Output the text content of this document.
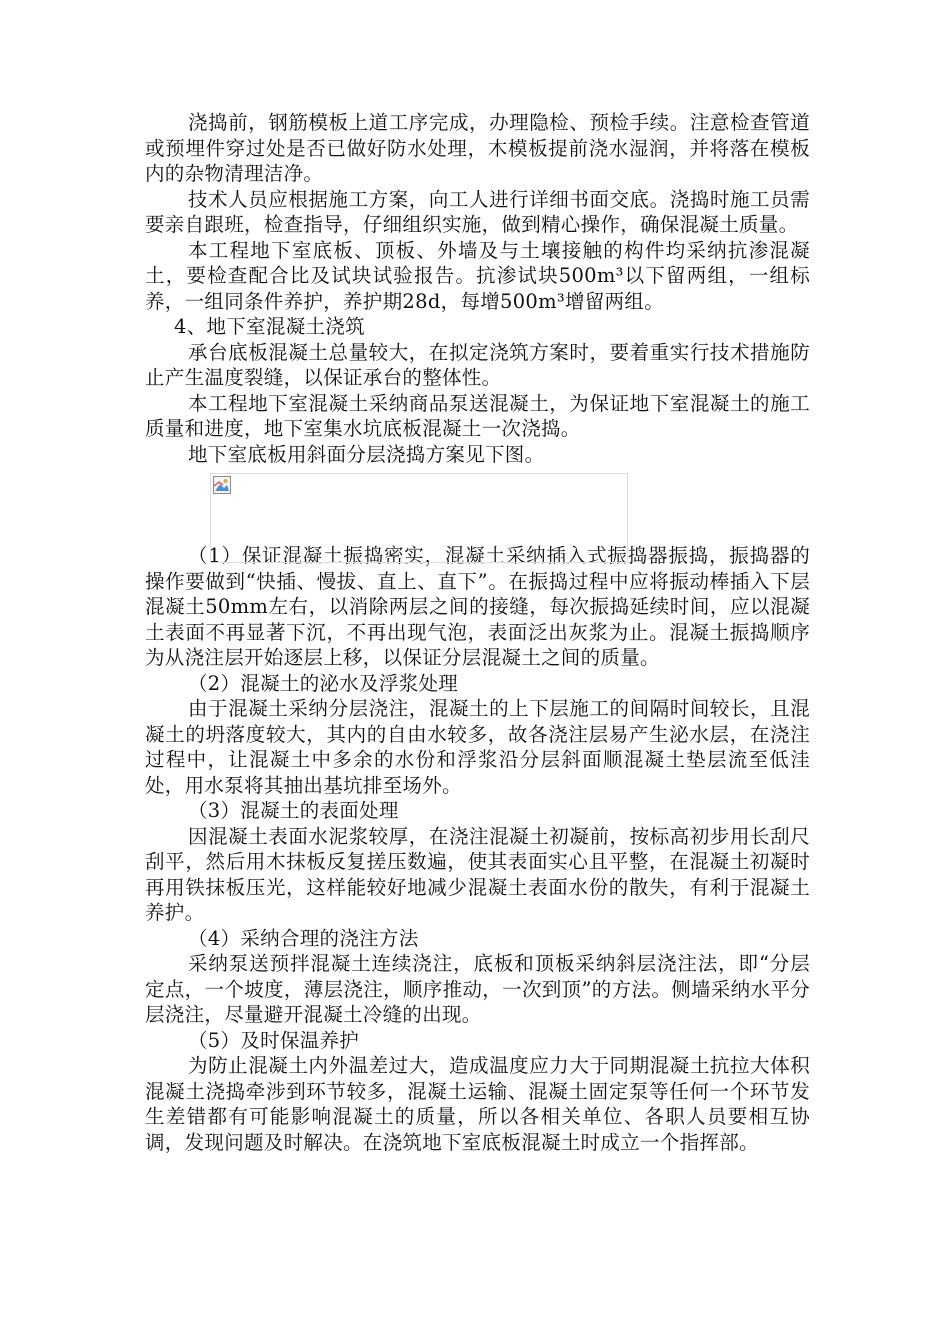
浇捣前，钢筋模板上道工序完成，办理隐检、预检手续。注意检查管道或预埋件穿过处是否已做好防水处理，木模板提前浇水湿润，并将落在模板内的杂物清理洁净。

技术人员应根据施工方案，向工人进行详细书面交底。浇捣时施工员需要亲自跟班，检查指导，仔细组织实施，做到精心操作，确保混凝土质量。

本工程地下室底板、顶板、外墙及与土壤接触的构件均采纳抗渗混凝土，要检查配合比及试块试验报告。抗渗试块500m³以下留两组，一组标养，一组同条件养护，养护期28d，每增500m³增留两组。

4、地下室混凝土浇筑

承台底板混凝土总量较大，在拟定浇筑方案时，要着重实行技术措施防止产生温度裂缝，以保证承台的整体性。

本工程地下室混凝土采纳商品泵送混凝土，为保证地下室混凝土的施工质量和进度，地下室集水坑底板混凝土一次浇捣。

地下室底板用斜面分层浇捣方案见下图。

（1）保证混凝土振捣密实，混凝土采纳插入式振捣器振捣，振捣器的操作要做到“快插、慢拔、直上、直下”。在振捣过程中应将振动棒插入下层混凝土50mm左右，以消除两层之间的接缝，每次振捣延续时间，应以混凝土表面不再显著下沉，不再出现气泡，表面泛出灰浆为止。混凝土振捣顺序为从浇注层开始逐层上移，以保证分层混凝土之间的质量。

（2）混凝土的泌水及浮浆处理

由于混凝土采纳分层浇注，混凝土的上下层施工的间隔时间较长，且混凝土的坍落度较大，其内的自由水较多，故各浇注层易产生泌水层，在浇注过程中，让混凝土中多余的水份和浮浆沿分层斜面顺混凝土垫层流至低洼处，用水泵将其抽出基坑排至场外。

（3）混凝土的表面处理

因混凝土表面水泥浆较厚，在浇注混凝土初凝前，按标高初步用长刮尺刮平，然后用木抹板反复搓压数遍，使其表面实心且平整，在混凝土初凝时再用铁抹板压光，这样能较好地减少混凝土表面水份的散失，有利于混凝土养护。

（4）采纳合理的浇注方法

采纳泵送预拌混凝土连续浇注，底板和顶板采纳斜层浇注法，即“分层定点，一个坡度，薄层浇注，顺序推动，一次到顶”的方法。侧墙采纳水平分层浇注，尽量避开混凝土冷缝的出现。

（5）及时保温养护

为防止混凝土内外温差过大，造成温度应力大于同期混凝土抗拉大体积混凝土浇捣牵涉到环节较多，混凝土运输、混凝土固定泵等任何一个环节发生差错都有可能影响混凝土的质量，所以各相关单位、各职人员要相互协调，发现问题及时解决。在浇筑地下室底板混凝土时成立一个指挥部。
